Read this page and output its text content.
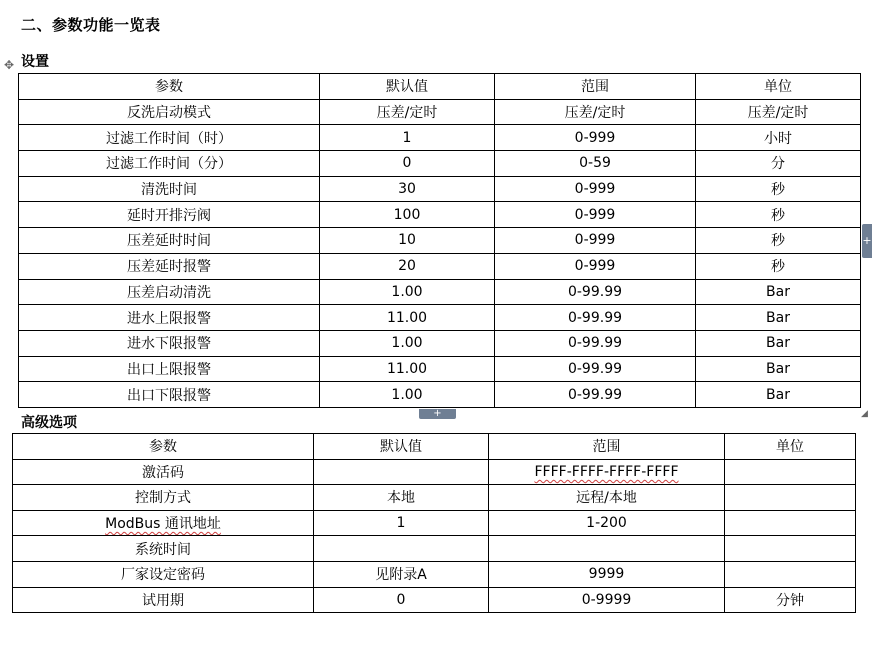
二、参数功能一览表
✥ 设置
参数	默认值	范围	单位
反洗启动模式	压差/定时	压差/定时	压差/定时
过滤工作时间（时）	1	0-999	小时
过滤工作时间（分）	0	0-59	分
清洗时间	30	0-999	秒
延时开排污阀	100	0-999	秒
压差延时时间	10	0-999	秒
压差延时报警	20	0-999	秒
压差启动清洗	1.00	0-99.99	Bar
进水上限报警	11.00	0-99.99	Bar
进水下限报警	1.00	0-99.99	Bar
出口上限报警	11.00	0-99.99	Bar
出口下限报警	1.00	0-99.99	Bar
+
+	◢
高级选项
参数	默认值	范围	单位
激活码		FFFF-FFFF-FFFF-FFFF	
控制方式	本地	远程/本地	
ModBus 通讯地址	1	1-200	
系统时间			
厂家设定密码	见附录A	9999	
试用期	0	0-9999	分钟
